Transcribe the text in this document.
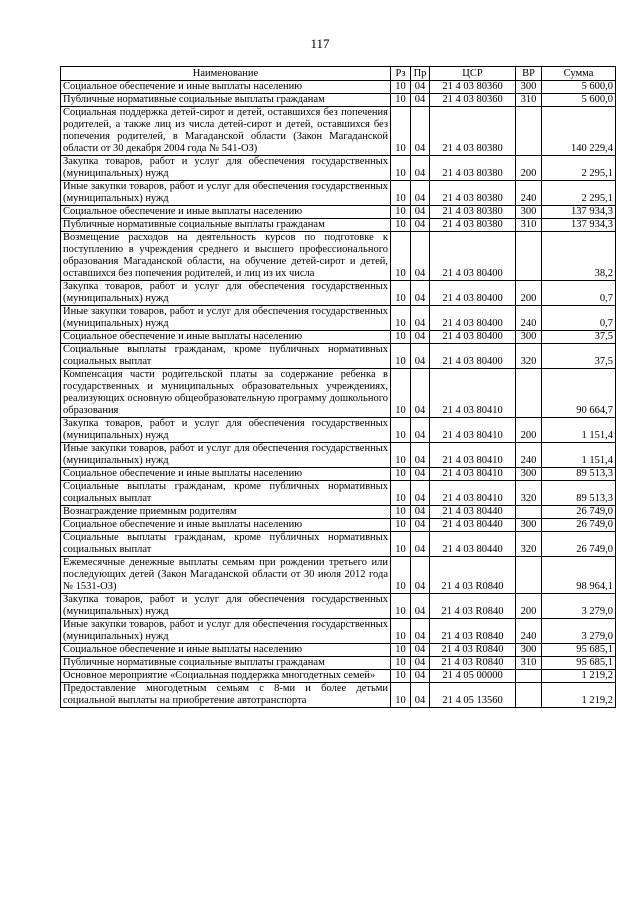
117
Наименование	Рз	Пр	ЦСР	ВР	Сумма
Социальное обеспечение и иные выплаты населению	10	04	21 4 03 80360	300	5 600,0
Публичные нормативные социальные выплаты гражданам	10	04	21 4 03 80360	310	5 600,0
Социальная поддержка детей-сирот и детей, оставшихся без попечения родителей, а также лиц из числа детей-сирот и детей, оставшихся без попечения родителей, в Магаданской области (Закон Магаданской области от 30 декабря 2004 года № 541-ОЗ)	10	04	21 4 03 80380		140 229,4
Закупка товаров, работ и услуг для обеспечения государственных (муниципальных) нужд	10	04	21 4 03 80380	200	2 295,1
Иные закупки товаров, работ и услуг для обеспечения государственных (муниципальных) нужд	10	04	21 4 03 80380	240	2 295,1
Социальное обеспечение и иные выплаты населению	10	04	21 4 03 80380	300	137 934,3
Публичные нормативные социальные выплаты гражданам	10	04	21 4 03 80380	310	137 934,3
Возмещение расходов на деятельность курсов по подготовке к поступлению в учреждения среднего и высшего профессионального образования Магаданской области, на обучение детей-сирот и детей, оставшихся без попечения родителей, и лиц из их числа	10	04	21 4 03 80400		38,2
Закупка товаров, работ и услуг для обеспечения государственных (муниципальных) нужд	10	04	21 4 03 80400	200	0,7
Иные закупки товаров, работ и услуг для обеспечения государственных (муниципальных) нужд	10	04	21 4 03 80400	240	0,7
Социальное обеспечение и иные выплаты населению	10	04	21 4 03 80400	300	37,5
Социальные выплаты гражданам, кроме публичных нормативных социальных выплат	10	04	21 4 03 80400	320	37,5
Компенсация части родительской платы за содержание ребенка в государственных и муниципальных образовательных учреждениях, реализующих основную общеобразовательную программу дошкольного образования	10	04	21 4 03 80410		90 664,7
Закупка товаров, работ и услуг для обеспечения государственных (муниципальных) нужд	10	04	21 4 03 80410	200	1 151,4
Иные закупки товаров, работ и услуг для обеспечения государственных (муниципальных) нужд	10	04	21 4 03 80410	240	1 151,4
Социальное обеспечение и иные выплаты населению	10	04	21 4 03 80410	300	89 513,3
Социальные выплаты гражданам, кроме публичных нормативных социальных выплат	10	04	21 4 03 80410	320	89 513,3
Вознаграждение приемным родителям	10	04	21 4 03 80440		26 749,0
Социальное обеспечение и иные выплаты населению	10	04	21 4 03 80440	300	26 749,0
Социальные выплаты гражданам, кроме публичных нормативных социальных выплат	10	04	21 4 03 80440	320	26 749,0
Ежемесячные денежные выплаты семьям при рождении третьего или последующих детей (Закон Магаданской области от 30 июля 2012 года № 1531-ОЗ)	10	04	21 4 03 R0840		98 964,1
Закупка товаров, работ и услуг для обеспечения государственных (муниципальных) нужд	10	04	21 4 03 R0840	200	3 279,0
Иные закупки товаров, работ и услуг для обеспечения государственных (муниципальных) нужд	10	04	21 4 03 R0840	240	3 279,0
Социальное обеспечение и иные выплаты населению	10	04	21 4 03 R0840	300	95 685,1
Публичные нормативные социальные выплаты гражданам	10	04	21 4 03 R0840	310	95 685,1
Основное мероприятие «Социальная поддержка многодетных семей»	10	04	21 4 05 00000		1 219,2
Предоставление многодетным семьям с 8-ми и более детьми социальной выплаты на приобретение автотранспорта	10	04	21 4 05 13560		1 219,2
